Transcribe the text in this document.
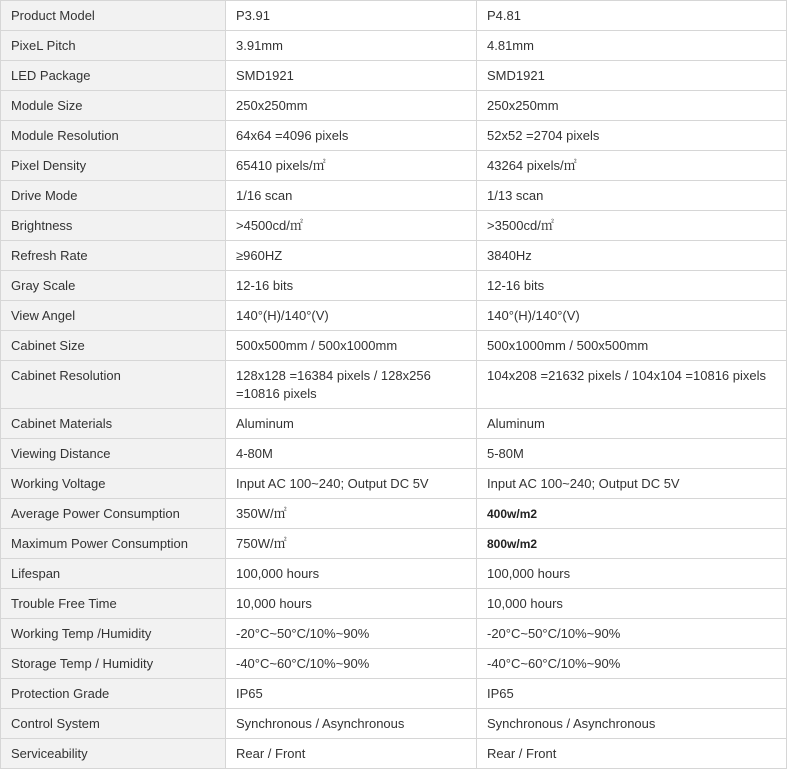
Product Model	P3.91	P4.81
PixeL Pitch	3.91mm	4.81mm
LED Package	SMD1921	SMD1921
Module Size	250x250mm	250x250mm
Module Resolution	64x64 =4096 pixels	52x52 =2704 pixels
Pixel Density	65410 pixels/㎡	43264 pixels/㎡
Drive Mode	1/16 scan	1/13 scan
Brightness	>4500cd/㎡	>3500cd/㎡
Refresh Rate	≥960HZ	3840Hz
Gray Scale	12-16 bits	12-16 bits
View Angel	140°(H)/140°(V)	140°(H)/140°(V)
Cabinet Size	500x500mm / 500x1000mm	500x1000mm / 500x500mm
Cabinet Resolution	128x128 =16384 pixels / 128x256 =10816 pixels	104x208 =21632 pixels / 104x104 =10816 pixels
Cabinet Materials	Aluminum	Aluminum
Viewing Distance	4-80M	5-80M
Working Voltage	Input AC 100~240; Output DC 5V	Input AC 100~240; Output DC 5V
Average Power Consumption	350W/㎡	400w/m2
Maximum Power Consumption	750W/㎡	800w/m2
Lifespan	100,000 hours	100,000 hours
Trouble Free Time	10,000 hours	10,000 hours
Working Temp /Humidity	-20°C~50°C/10%~90%	-20°C~50°C/10%~90%
Storage Temp / Humidity	-40°C~60°C/10%~90%	-40°C~60°C/10%~90%
Protection Grade	IP65	IP65
Control System	Synchronous / Asynchronous	Synchronous / Asynchronous
Serviceability	Rear / Front	Rear / Front
